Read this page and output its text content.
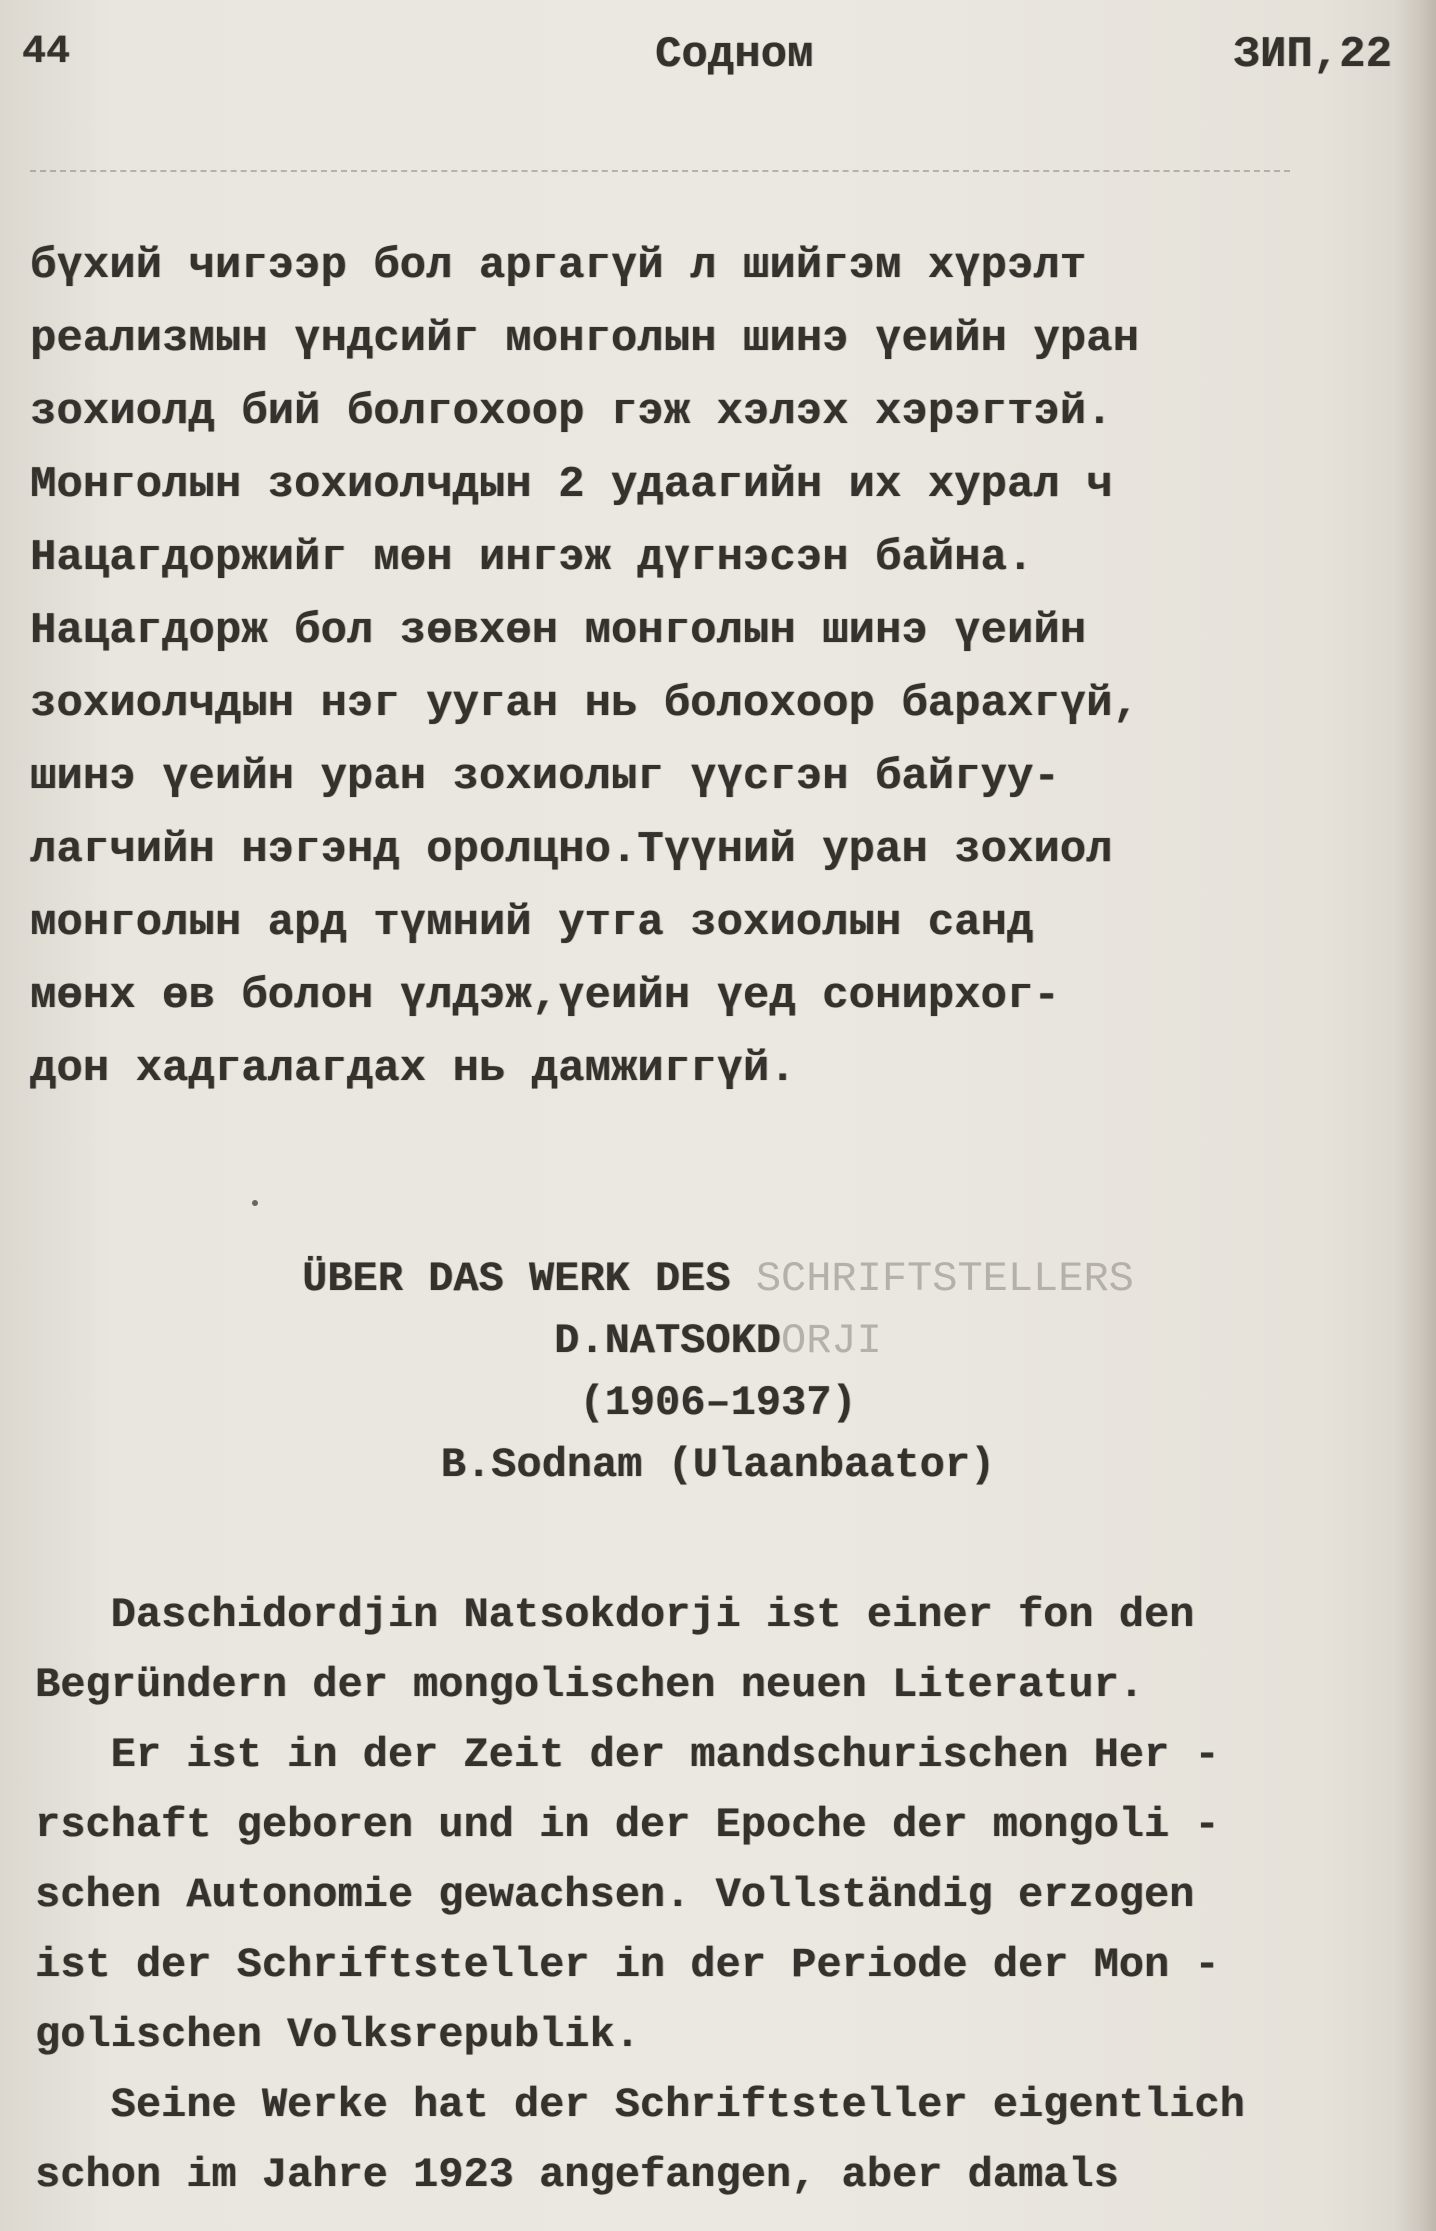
44	Содном	ЗИП,22

бүхий чигээр бол аргагүй л шийгэм хүрэлт

реализмын үндсийг монголын шинэ үеийн уран

зохиолд бий болгохоор гэж хэлэх хэрэгтэй.

Монголын зохиолчдын 2 удаагийн их хурал ч

Нацагдоржийг мөн ингэж дүгнэсэн байна.

Нацагдорж бол зөвхөн монголын шинэ үеийн

зохиолчдын нэг ууган нь болохоор барахгүй,

шинэ үеийн уран зохиолыг үүсгэн байгуу-

лагчийн нэгэнд оролцно.Түүний уран зохиол

монголын ард түмний утга зохиолын санд

мөнх өв болон үлдэж,үеийн үед сонирхог-

дон хадгалагдах нь дамжиггүй.

ÜBER DAS WERK DES SCHRIFTSTELLERS

D.NATSOKDORJI

(1906–1937)

B.Sodnam (Ulaanbaator)

Daschidordjin Natsokdorji ist einer fon den

Begründern der mongolischen neuen Literatur.

Er ist in der Zeit der mandschurischen Her -

rschaft geboren und in der Epoche der mongoli -

schen Autonomie gewachsen. Vollständig erzogen

ist der Schriftsteller in der Periode der Mon -

golischen Volksrepublik.

Seine Werke hat der Schriftsteller eigentlich

schon im Jahre 1923 angefangen, aber damals
